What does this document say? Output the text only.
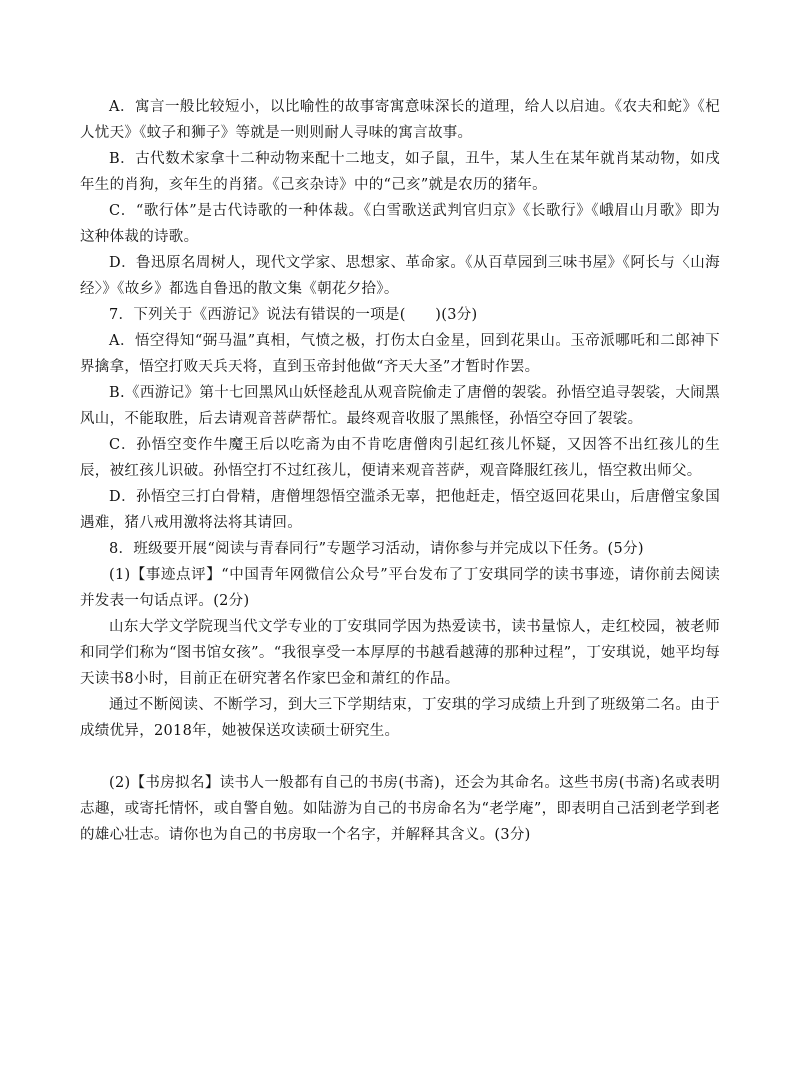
A．寓言一般比较短小，以比喻性的故事寄寓意味深长的道理，给人以启迪。《农夫和蛇》《杞人忧天》《蚊子和狮子》等就是一则则耐人寻味的寓言故事。

B．古代数术家拿十二种动物来配十二地支，如子鼠，丑牛，某人生在某年就肖某动物，如戌年生的肖狗，亥年生的肖猪。《己亥杂诗》中的“己亥”就是农历的猪年。

C．“歌行体”是古代诗歌的一种体裁。《白雪歌送武判官归京》《长歌行》《峨眉山月歌》即为这种体裁的诗歌。

D．鲁迅原名周树人，现代文学家、思想家、革命家。《从百草园到三味书屋》《阿长与〈山海经〉》《故乡》都选自鲁迅的散文集《朝花夕拾》。

7．下列关于《西游记》说法有错误的一项是(　　)(3分)

A．悟空得知“弼马温”真相，气愤之极，打伤太白金星，回到花果山。玉帝派哪吒和二郎神下界擒拿，悟空打败天兵天将，直到玉帝封他做“齐天大圣”才暂时作罢。

B.《西游记》第十七回黑风山妖怪趁乱从观音院偷走了唐僧的袈裟。孙悟空追寻袈裟，大闹黑风山，不能取胜，后去请观音菩萨帮忙。最终观音收服了黑熊怪，孙悟空夺回了袈裟。

C．孙悟空变作牛魔王后以吃斋为由不肯吃唐僧肉引起红孩儿怀疑，又因答不出红孩儿的生辰，被红孩儿识破。孙悟空打不过红孩儿，便请来观音菩萨，观音降服红孩儿，悟空救出师父。

D．孙悟空三打白骨精，唐僧埋怨悟空滥杀无辜，把他赶走，悟空返回花果山，后唐僧宝象国遇难，猪八戒用激将法将其请回。

8．班级要开展“阅读与青春同行”专题学习活动，请你参与并完成以下任务。(5分)

(1)【事迹点评】“中国青年网微信公众号”平台发布了丁安琪同学的读书事迹，请你前去阅读并发表一句话点评。(2分)

山东大学文学院现当代文学专业的丁安琪同学因为热爱读书，读书量惊人，走红校园，被老师和同学们称为“图书馆女孩”。“我很享受一本厚厚的书越看越薄的那种过程”，丁安琪说，她平均每天读书8小时，目前正在研究著名作家巴金和萧红的作品。

通过不断阅读、不断学习，到大三下学期结束，丁安琪的学习成绩上升到了班级第二名。由于成绩优异，2018年，她被保送攻读硕士研究生。

(2)【书房拟名】读书人一般都有自己的书房(书斋)，还会为其命名。这些书房(书斋)名或表明志趣，或寄托情怀，或自警自勉。如陆游为自己的书房命名为“老学庵”，即表明自己活到老学到老的雄心壮志。请你也为自己的书房取一个名字，并解释其含义。(3分)
